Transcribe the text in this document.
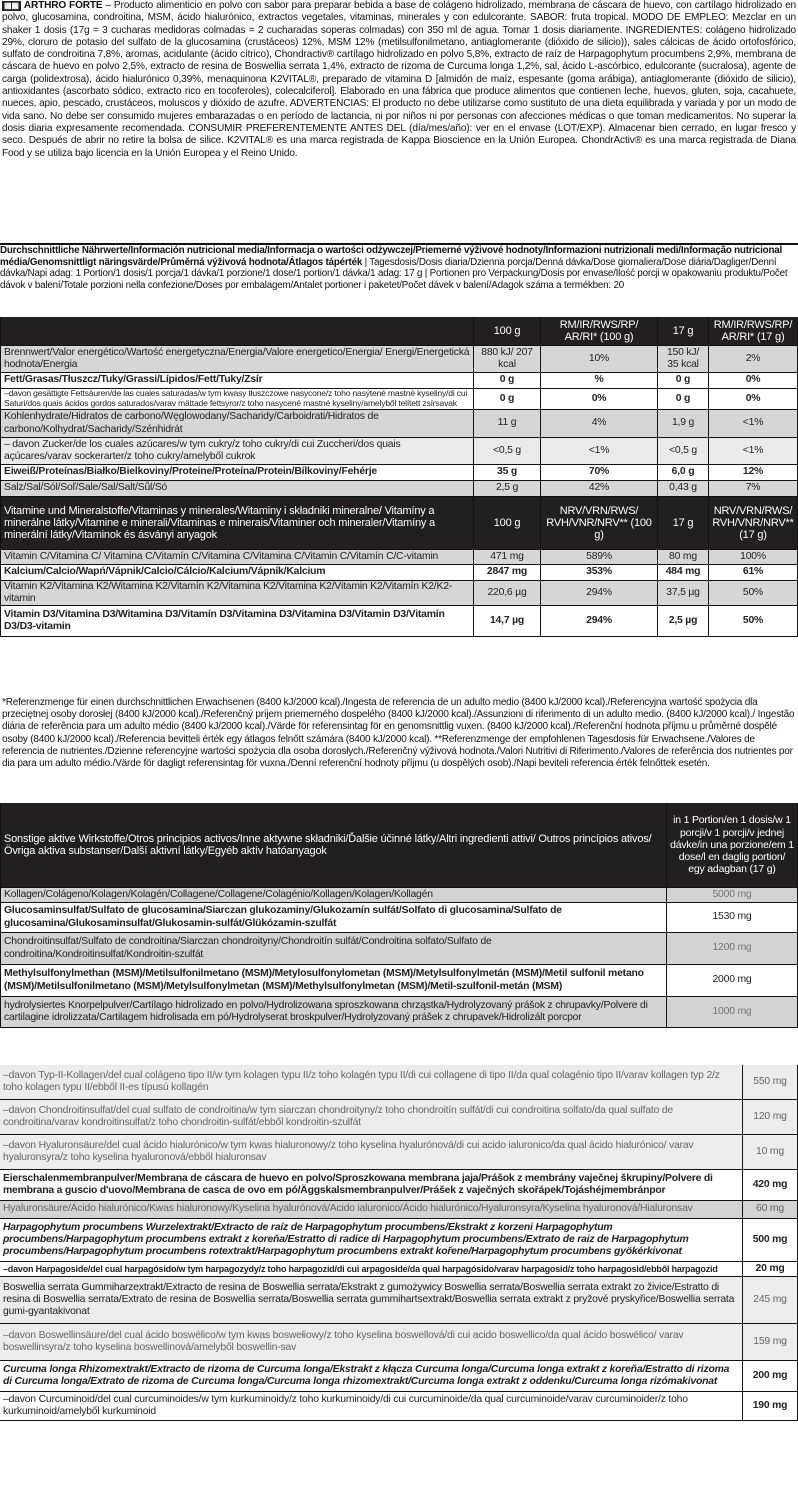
▦▦ ARTHRO FÓRTE – Producto alimenticio en polvo con sabor para preparar bebida a base de colágeno hidrolizado, membrana de cáscara de huevo, con cartílago hidrolizado en polvo, glucosamina, condroitina, MSM, ácido hialurónico, extractos vegetales, vitaminas, minerales y con edulcorante. SABOR: fruta tropical. MODO DE EMPLEO: Mezclar en un shaker 1 dosis (17g = 3 cucharas medidoras colmadas = 2 cucharadas soperas colmadas) con 350 ml de agua. Tomar 1 dosis diariamente. INGREDIENTES: colágeno hidrolizado 29%, cloruro de potasio del sulfato de la glucosamina (crustáceos) 12%, MSM 12% (metilsulfonilmetano, antiaglomerante (dióxido de silicio)), sales cálcicas de ácido ortofosfórico, sulfato de condroitina 7,8%, aromas, acidulante (ácido cítrico), Chondractiv® cartílago hidrolizado en polvo 5,8%, extracto de raíz de Harpagophytum procumbens 2,9%, membrana de cáscara de huevo en polvo 2,5%, extracto de resina de Boswellia serrata 1,4%, extracto de rizoma de Curcuma longa 1,2%, sal, ácido L-ascórbico, edulcorante (sucralosa), agente de carga (polidextrosa), ácido hialurónico 0,39%, menaquinona K2VITAL®, preparado de vitamina D [almidón de maíz, espesante (goma arábiga), antiaglomerante (dióxido de silicio), antioxidantes (ascorbato sódico, extracto rico en tocoferoles), colecalciferol]. Elaborado en una fábrica que produce alimentos que contienen leche, huevos, gluten, soja, cacahuete, nueces, apio, pescado, crustáceos, moluscos y dióxido de azufre. ADVERTENCIAS: El producto no debe utilizarse como sustituto de una dieta equilibrada y variada y por un modo de vida sano. No debe ser consumido mujeres embarazadas o en período de lactancia, ni por niños ni por personas con afecciones médicas o que toman medicamentos. No superar la dosis diaria expresamente recomendada. CONSUMIR PREFERENTEMENTE ANTES DEL (día/mes/año): ver en el envase (LOT/EXP). Almacenar bien cerrado, en lugar fresco y seco. Después de abrir no retire la bolsa de silice. K2VITAL® es una marca registrada de Kappa Bioscience en la Unión Europea. ChondrActiv® es una marca registrada de Diana Food y se utiliza bajo licencia en la Unión Europea y el Reino Unido.
Durchschnittliche Nährwerte/Información nutricional media/Informacja o wartości odżywczej/Priemerné výživové hodnoty/Informazioni nutrizionali medi/Informação nutricional média/Genomsnittligt näringsvärde/Průměrná výživová hodnota/Átlagos tápérték | Tagesdosis/Dosis diaria/Dzienna porcja/Denná dávka/Dose giornaliera/Dose diária/Dagliger/Denní dávka/Napi adag: 1 Portion/1 dosis/1 porcja/1 dávka/1 porzione/1 dose/1 portion/1 dávka/1 adag: 17 g | Portionen pro Verpackung/Dosis por envase/Ilość porcji w opakowaniu produktu/Počet dávok v balení/Totale porzioni nella confezione/Doses por embalagem/Antalet portioner i paketet/Počet dávek v balení/Adagok száma a termékben: 20
	100 g	RM/IR/RWS/RP/ AR/RI* (100 g)	17 g	RM/IR/RWS/RP/ AR/RI* (17 g)
Brennwert/Valor energético/Wartość energetyczna/Energia/Valore energetico/Energia/ Energi/Energetická hodnota/Energia	880 kJ/ 207 kcal	10%	150 kJ/ 35 kcal	2%
Fett/Grasas/Tłuszcz/Tuky/Grassi/Lípidos/Fett/Tuky/Zsír	0 g	%	0 g	0%
–davon gesättigte Fettsäuren/de las cuales saturadas/w tym kwasy tłuszczowe nasycone/z toho nasýtené mastné kyseliny/di cui Saturi/dos quais ácidos gordos saturados/varav mättade fettsyror/z toho nasycené mastné kyseliny/amelyből telített zsírsavak	0 g	0%	0 g	0%
Kohlenhydrate/Hidratos de carbono/Węglowodany/Sacharidy/Carboidrati/Hidratos de carbono/Kolhydrat/Sacharidy/Szénhidrát	11 g	4%	1,9 g	<1%
– davon Zucker/de los cuales azúcares/w tym cukry/z toho cukry/di cui Zuccheri/dos quais açúcares/varav sockerarter/z toho cukry/amelyből cukrok	<0,5 g	<1%	<0,5 g	<1%
Eiweiß/Proteínas/Białko/Bielkoviny/Proteine/Proteína/Protein/Bílkoviny/Fehérje	35 g	70%	6,0 g	12%
Salz/Sal/Sól/Soľ/Sale/Sal/Salt/Sůl/Só	2,5 g	42%	0,43 g	7%
Vitamine und Mineralstoffe/Vitaminas y minerales/Witaminy i składniki mineralne/ Vitamíny a minerálne látky/Vitamine e minerali/Vitaminas e minerais/Vitaminer och mineraler/Vitamíny a minerální látky/Vitaminok és ásványi anyagok	100 g	NRV/VRN/RWS/ RVH/VNR/NRV** (100 g)	17 g	NRV/VRN/RWS/ RVH/VNR/NRV** (17 g)
Vitamin C/Vitamina C/ Vitamina C/Vitamín C/Vitamina C/Vitamina C/Vitamin C/Vitamín C/C-vitamin	471 mg	589%	80 mg	100%
Kalcium/Calcio/Wapń/Vápnik/Calcio/Cálcio/Kalcium/Vápník/Kalcium	2847 mg	353%	484 mg	61%
Vitamin K2/Vitamina K2/Witamina K2/Vitamín K2/Vitamina K2/Vitamina K2/Vitamin K2/Vitamín K2/K2-vitamin	220,6 µg	294%	37,5 µg	50%
Vitamin D3/Vitamina D3/Witamina D3/Vitamín D3/Vitamina D3/Vitamina D3/Vitamin D3/Vitamín D3/D3-vitamin	14,7 µg	294%	2,5 µg	50%
*Referenzmenge für einen durchschnittlichen Erwachsenen (8400 kJ/2000 kcal)./Ingesta de referencia de un adulto medio (8400 kJ/2000 kcal)./Referencyjna wartość spożycia dla przeciętnej osoby dorosłej (8400 kJ/2000 kcal)./Referenčný príjem priemerného dospelého (8400 kJ/2000 kcal)./Assunzioni di riferimento di un adulto medio. (8400 kJ/2000 kcal)./ Ingestão diária de referência para um adulto médio (8400 kJ/2000 kcal)./Värde för referensintag för en genomsnittlig vuxen. (8400 kJ/2000 kcal)./Referenční hodnota příjmu u průměrné dospělé osoby (8400 kJ/2000 kcal)./Referencia bevitteli érték egy átlagos felnőtt számára (8400 kJ/2000 kcal). **Referenzmenge der empfohlenen Tagesdosis für Erwachsene./Valores de referencia de nutrientes./Dzienne referencyjne wartości spożycia dla osoba dorosłych./Referenčný výživová hodnota./Valori Nutritivi di Riferimento./Valores de referência dos nutrientes por dia para um adulto médio./Värde för dagligt referensintag för vuxna./Denní referenční hodnoty příjmu (u dospělých osob)./Napi beviteli referencia érték felnőttek esetén.
Sonstige aktive Wirkstoffe/Otros principios activos/Inne aktywne składniki/Ďalšie účinné látky/Altri ingredienti attivi/ Outros princípios ativos/Övriga aktiva substanser/Další aktivní látky/Egyéb aktív hatóanyagok	in 1 Portion/en 1 dosis/w 1 porcji/v 1 porcji/v jednej dávke/in una porzione/em 1 dose/l en daglig portion/ egy adagban (17 g)
Kollagen/Colágeno/Kolagen/Kolagén/Collagene/Collagene/Colagénio/Kollagen/Kolagen/Kollagén	5000 mg
Glucosaminsulfat/Sulfato de glucosamina/Siarczan glukozaminy/Glukozamín sulfát/Solfato di glucosamina/Sulfato de glucosamina/Glukosaminsulfat/Glukosamin-sulfát/Glükózamin-szulfát	1530 mg
Chondroitinsulfat/Sulfato de condroitina/Siarczan chondroityny/Chondroitín sulfát/Condroitina solfato/Sulfato de condroitina/Kondroitinsulfat/Kondroitin-szulfát	1200 mg
Methylsulfonylmethan (MSM)/Metilsulfonilmetano (MSM)/Metylosulfonylometan (MSM)/Metylsulfonylmetán (MSM)/Metil sulfonil metano (MSM)/Metilsulfonilmetano (MSM)/Metylsulfonylmetan (MSM)/Methylsulfonylmetan (MSM)/Metil-szulfonil-metán (MSM)	2000 mg
hydrolysiertes Knorpelpulver/Cartílago hidrolizado en polvo/Hydrolizowana sproszkowana chrząstka/Hydrolyzovaný prášok z chrupavky/Polvere di cartilagine idrolizzata/Cartilagem hidrolisada em pó/Hydrolyserat broskpulver/Hydrolyzovaný prášek z chrupavek/Hidrolizált porcpor	1000 mg
–davon Typ-II-Kollagen/del cual colágeno tipo II/w tym kolagen typu II/z toho kolagén typu II/di cui collagene di tipo II/da qual colagénio tipo II/varav kollagen typ 2/z toho kolagen typu II/ebből II-es típusú kollagén	550 mg
–davon Chondroitinsulfat/del cual sulfato de condroitina/w tym siarczan chondroityny/z toho chondroitín sulfát/di cui condroitina solfato/da qual sulfato de condroitina/varav kondroitinsulfat/z toho chondroitin-sulfát/ebből kondroitin-szulfát	120 mg
–davon Hyaluronsäure/del cual ácido hialurónico/w tym kwas hialuronowy/z toho kyselina hyalurónová/di cui acido ialuronico/da qual ácido hialurónico/ varav hyaluronsyra/z toho kyselina hyaluronová/ebből hialuronsav	10 mg
Eierschalenmembranpulver/Membrana de cáscara de huevo en polvo/Sproszkowana membrana jaja/Prášok z membrány vaječnej škrupiny/Polvere di membrana a guscio d'uovo/Membrana de casca de ovo em pó/Äggskalsmembranpulver/Prášek z vaječných skořápek/Tojáshéjmembránpor	420 mg
Hyaluronsäure/Ácido hialurónico/Kwas hialuronowy/Kyselina hyalurónová/Acido ialuronico/Ácido hialurónico/Hyaluronsyra/Kyselina hyaluronová/Hialuronsav	60 mg
Harpagophytum procumbens Wurzelextrakt/Extracto de raíz de Harpagophytum procumbens/Ekstrakt z korzeni Harpagophytum procumbens/Harpagophytum procumbens extrakt z koreňa/Estratto di radice di Harpagophytum procumbens/Extrato de raiz de Harpagophytum procumbens/Harpagophytum procumbens rotextrakt/Harpagophytum procumbens extrakt kořene/Harpagophytum procumbens gyökérkivonat	500 mg
–davon Harpagoside/del cual harpagósido/w tym harpagozydy/z toho harpagozid/di cui arpagoside/da qual harpagósido/varav harpagosid/z toho harpagosid/ebből harpagozid	20 mg
Boswellia serrata Gummiharzextrakt/Extracto de resina de Boswellia serrata/Ekstrakt z gumożywicy Boswellia serrata/Boswellia serrata extrakt zo živice/Estratto di resina di Boswellia serrata/Extrato de resina de Boswellia serrata/Boswellia serrata gummihartsextrakt/Boswellia serrata extrakt z pryžové pryskyřice/Boswellia serrata gumi-gyantakivonat	245 mg
–davon Boswellinsäure/del cual ácido boswélico/w tym kwas boswełiowy/z toho kyselina boswellová/di cui acido boswellico/da qual ácido boswélico/ varav boswellinsyra/z toho kyselina boswellinová/amelyből boswellin-sav	159 mg
Curcuma longa Rhizomextrakt/Extracto de rizoma de Curcuma longa/Ekstrakt z kłącza Curcuma longa/Curcuma longa extrakt z koreňa/Estratto di rizoma di Curcuma longa/Extrato de rizoma de Curcuma longa/Curcuma longa rhizomextrakt/Curcuma longa extrakt z oddenku/Curcuma longa rizómakivonat	200 mg
–davon Curcuminoid/del cual curcuminoides/w tym kurkuminoidy/z toho kurkuminoidy/di cui curcuminoide/da qual curcuminoide/varav curcuminoider/z toho kurkuminoid/amelyből kurkuminoid	190 mg
